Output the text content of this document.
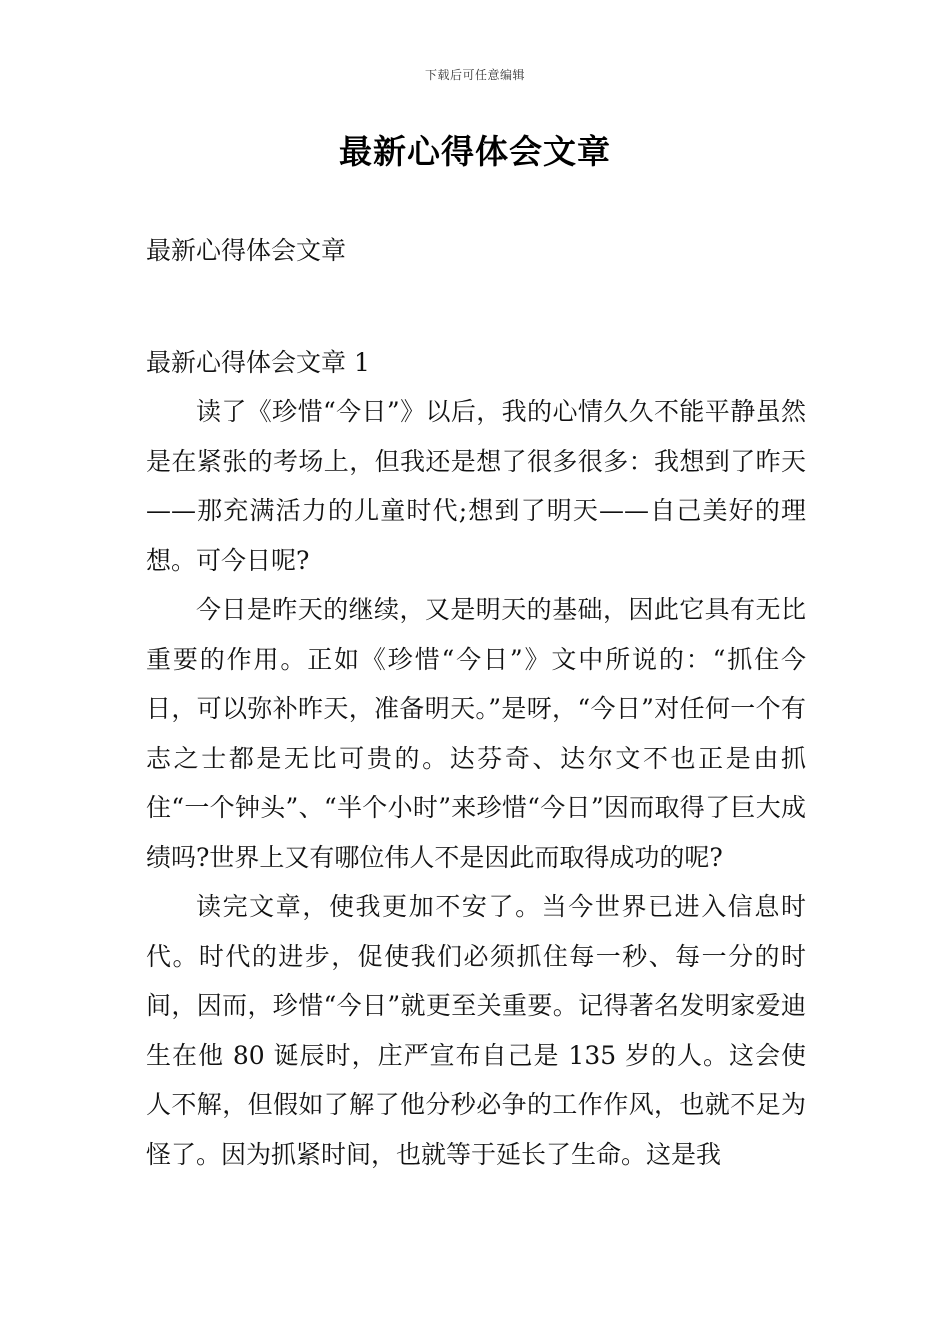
下载后可任意编辑
最新心得体会文章

最新心得体会文章

最新心得体会文章 1

读了《珍惜“今日”》以后，我的心情久久不能平静虽然是在紧张的考场上，但我还是想了很多很多：我想到了昨天——那充满活力的儿童时代;想到了明天——自己美好的理想。可今日呢?

今日是昨天的继续，又是明天的基础，因此它具有无比重要的作用。正如《珍惜“今日”》文中所说的：“抓住今日，可以弥补昨天，准备明天。”是呀，“今日”对任何一个有志之士都是无比可贵的。达芬奇、达尔文不也正是由抓住“一个钟头”、“半个小时”来珍惜“今日”因而取得了巨大成绩吗?世界上又有哪位伟人不是因此而取得成功的呢?

读完文章，使我更加不安了。当今世界已进入信息时代。时代的进步，促使我们必须抓住每一秒、每一分的时间，因而，珍惜“今日”就更至关重要。记得著名发明家爱迪生在他 80 诞辰时，庄严宣布自己是 135 岁的人。这会使人不解，但假如了解了他分秒必争的工作作风，也就不足为怪了。因为抓紧时间，也就等于延长了生命。这是我
